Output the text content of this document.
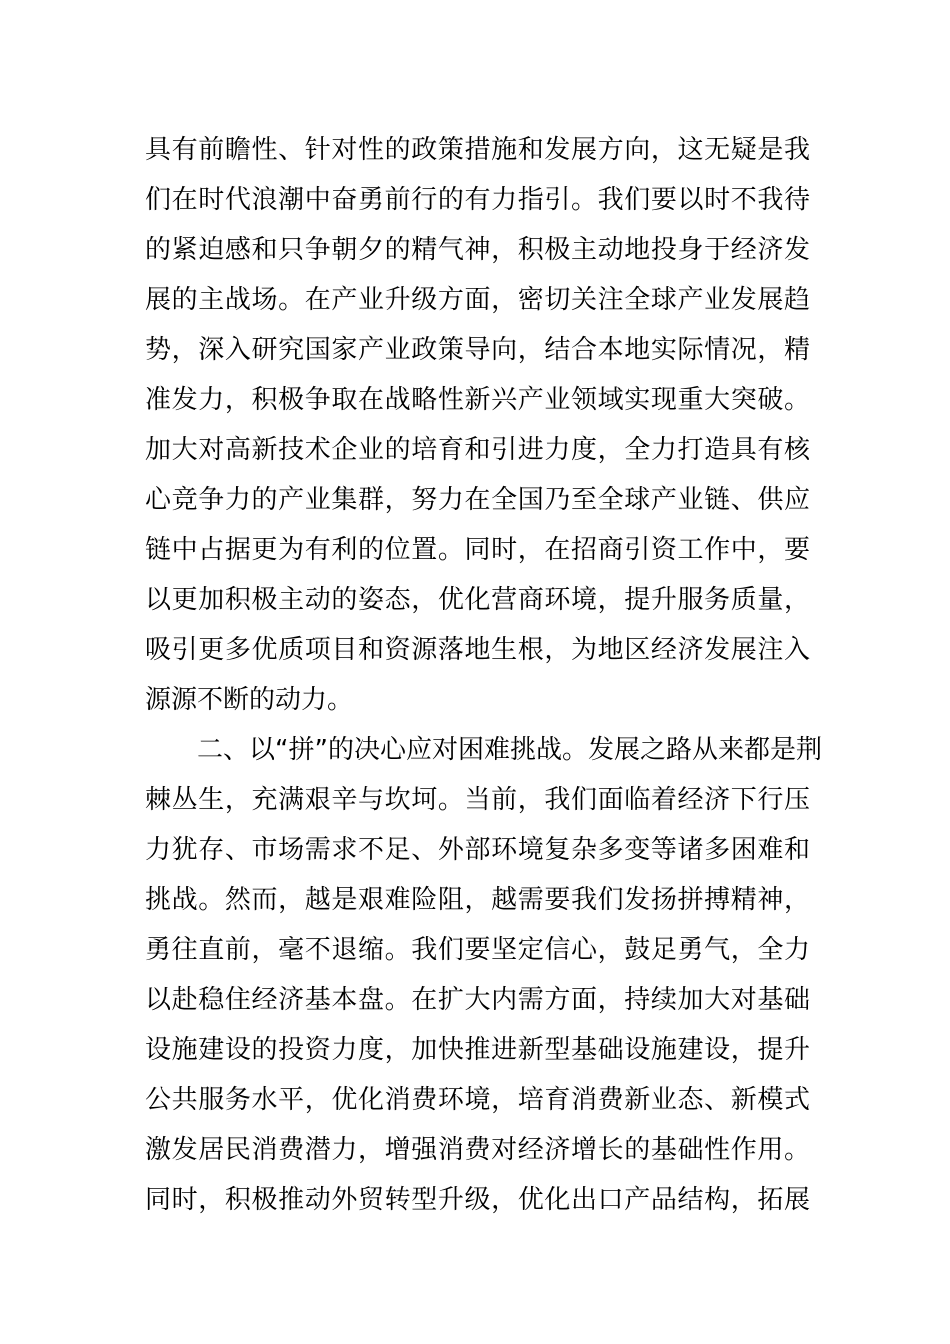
具有前瞻性、针对性的政策措施和发展方向，这无疑是我
们在时代浪潮中奋勇前行的有力指引。我们要以时不我待
的紧迫感和只争朝夕的精气神，积极主动地投身于经济发
展的主战场。在产业升级方面，密切关注全球产业发展趋
势，深入研究国家产业政策导向，结合本地实际情况，精
准发力，积极争取在战略性新兴产业领域实现重大突破。
加大对高新技术企业的培育和引进力度，全力打造具有核
心竞争力的产业集群，努力在全国乃至全球产业链、供应
链中占据更为有利的位置。同时，在招商引资工作中，要
以更加积极主动的姿态，优化营商环境，提升服务质量，
吸引更多优质项目和资源落地生根，为地区经济发展注入
源源不断的动力。
　　二、以“拼”的决心应对困难挑战。发展之路从来都是荆
棘丛生，充满艰辛与坎坷。当前，我们面临着经济下行压
力犹存、市场需求不足、外部环境复杂多变等诸多困难和
挑战。然而，越是艰难险阻，越需要我们发扬拼搏精神，
勇往直前，毫不退缩。我们要坚定信心，鼓足勇气，全力
以赴稳住经济基本盘。在扩大内需方面，持续加大对基础
设施建设的投资力度，加快推进新型基础设施建设，提升
公共服务水平，优化消费环境，培育消费新业态、新模式
激发居民消费潜力，增强消费对经济增长的基础性作用。
同时，积极推动外贸转型升级，优化出口产品结构，拓展
